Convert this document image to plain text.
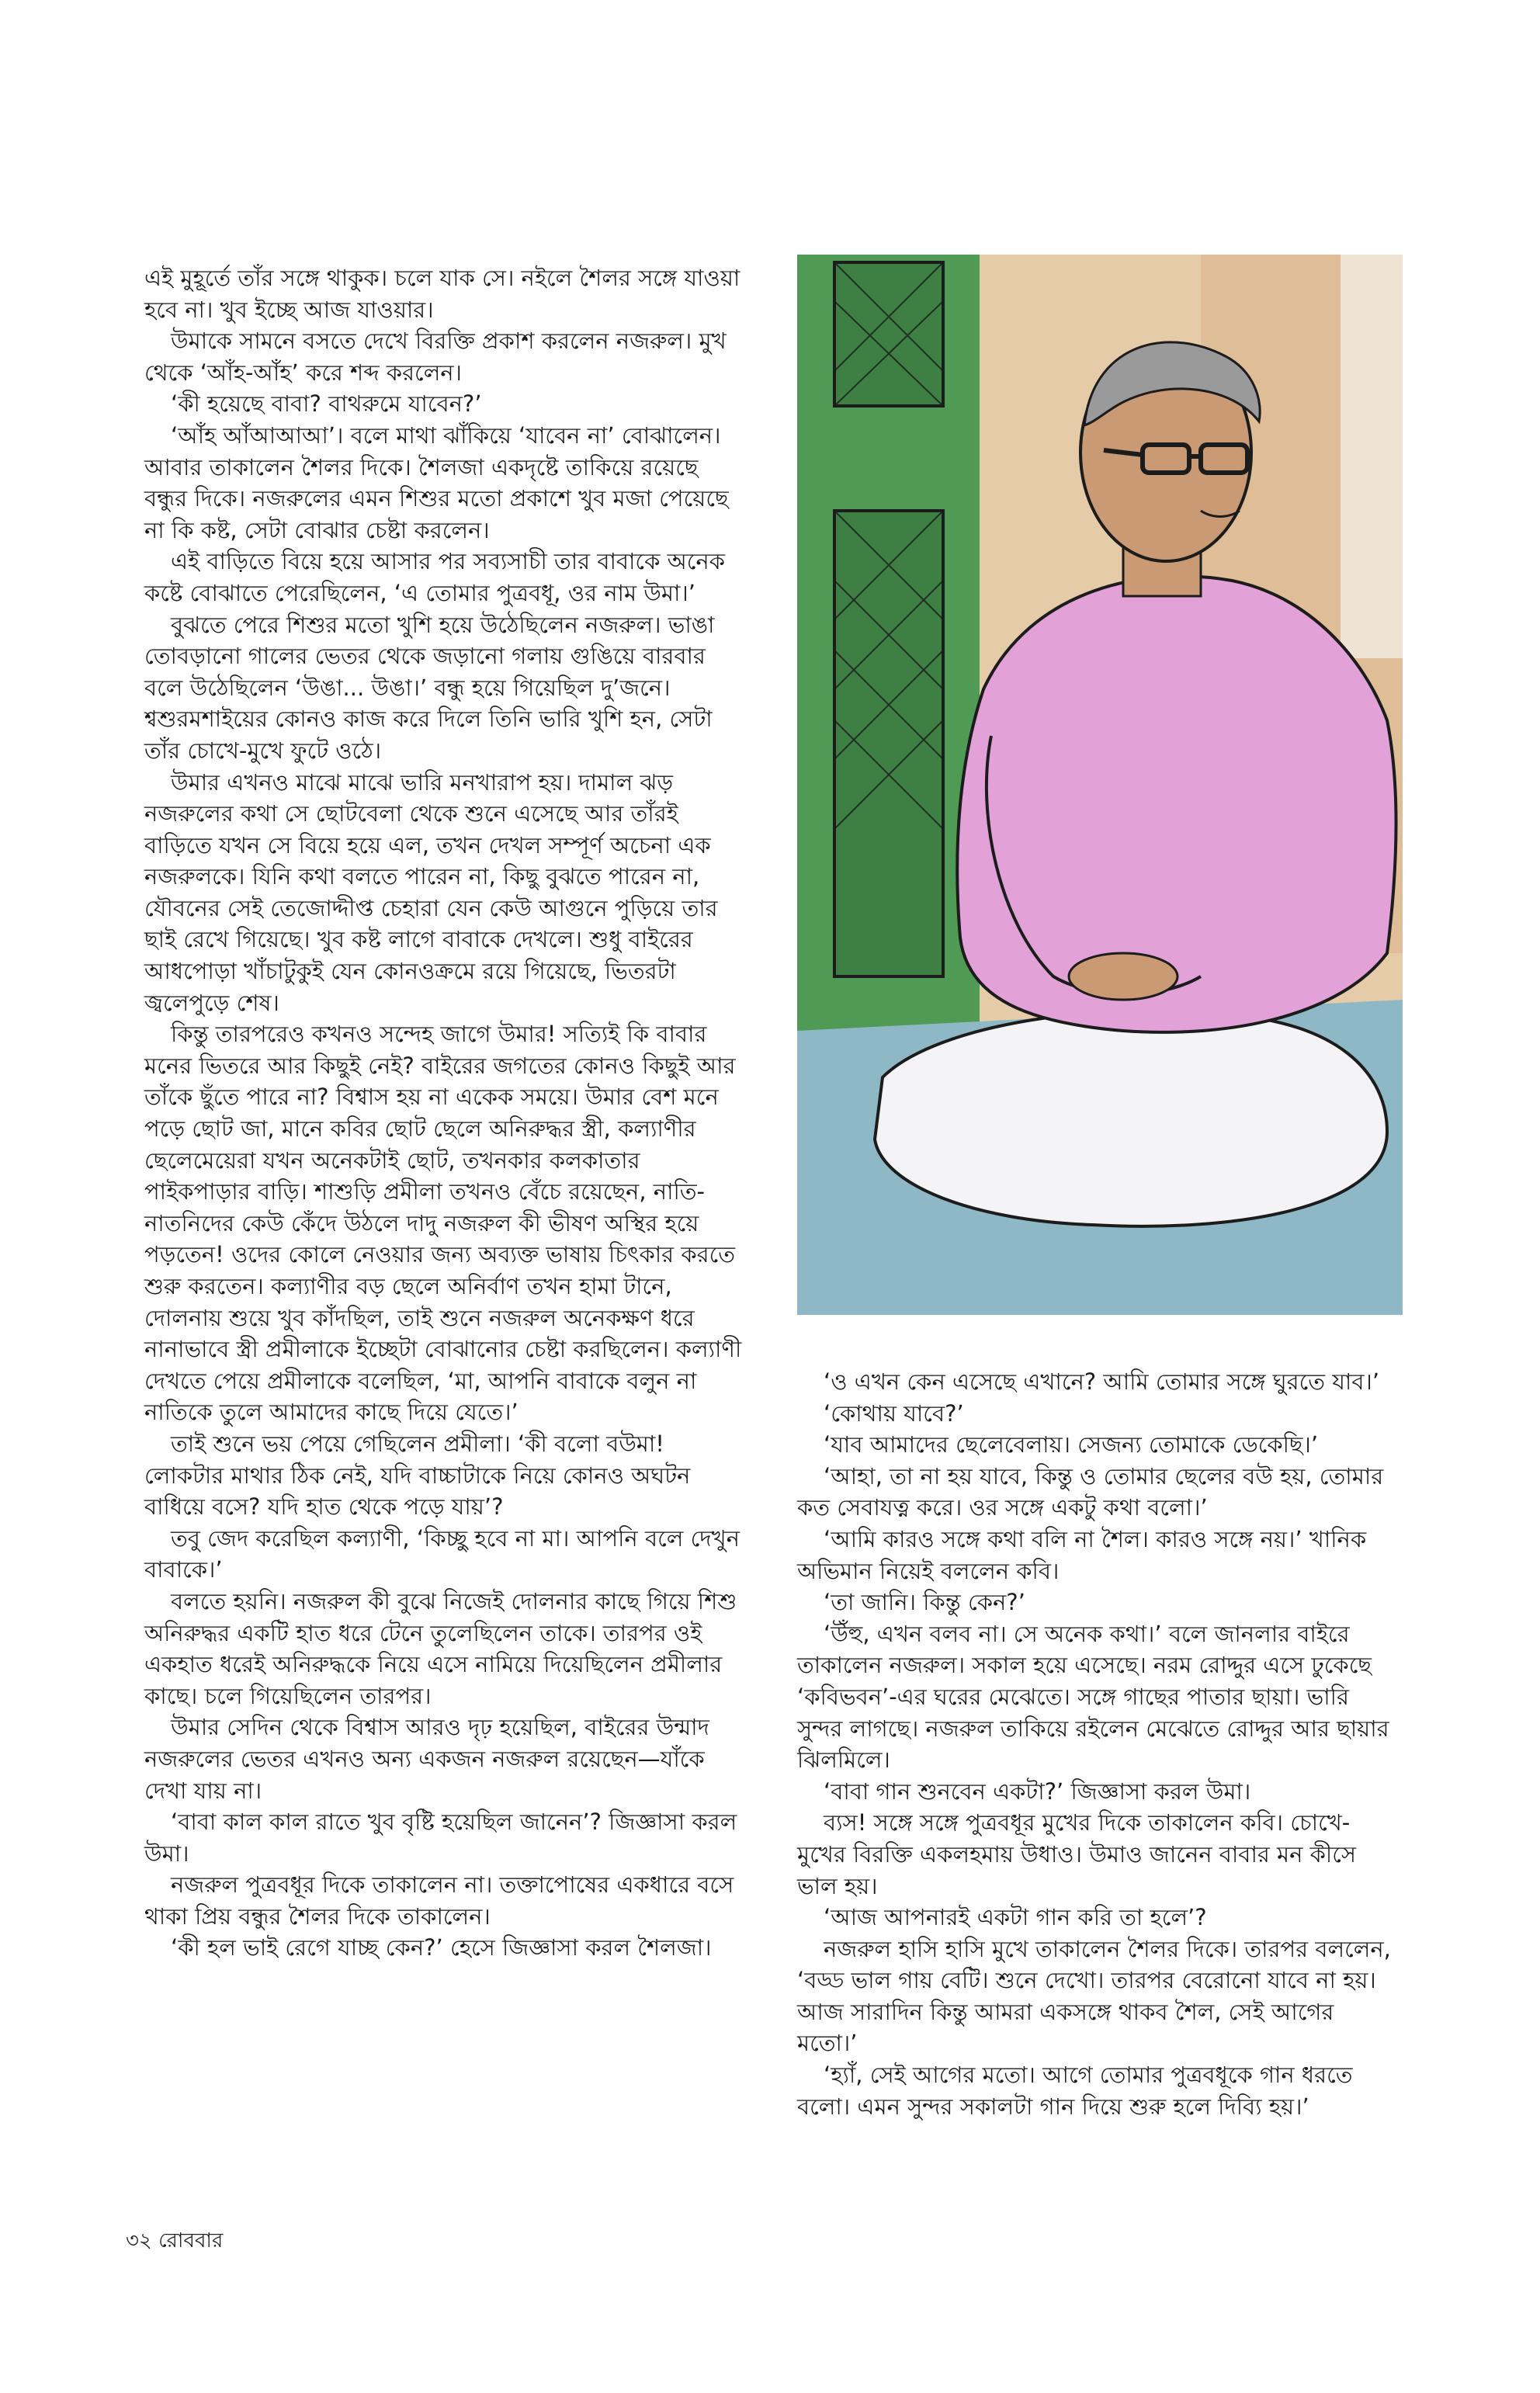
এই মুহূর্তে তাঁর সঙ্গে থাকুক। চলে যাক সে। নইলে শৈলর সঙ্গে যাওয়া হবে না। খুব ইচ্ছে আজ যাওয়ার।

উমাকে সামনে বসতে দেখে বিরক্তি প্রকাশ করলেন নজরুল। মুখ থেকে ‘আঁহ-আঁহ’ করে শব্দ করলেন।

‘কী হয়েছে বাবা? বাথরুমে যাবেন?’

‘আঁহ আঁআআআ’। বলে মাথা ঝাঁকিয়ে ‘যাবেন না’ বোঝালেন। আবার তাকালেন শৈলর দিকে। শৈলজা একদৃষ্টে তাকিয়ে রয়েছে বন্ধুর দিকে। নজরুলের এমন শিশুর মতো প্রকাশে খুব মজা পেয়েছে না কি কষ্ট, সেটা বোঝার চেষ্টা করলেন।

এই বাড়িতে বিয়ে হয়ে আসার পর সব্যসাচী তার বাবাকে অনেক কষ্টে বোঝাতে পেরেছিলেন, ‘এ তোমার পুত্রবধূ, ওর নাম উমা।’

বুঝতে পেরে শিশুর মতো খুশি হয়ে উঠেছিলেন নজরুল। ভাঙা তোবড়ানো গালের ভেতর থেকে জড়ানো গলায় গুঙিয়ে বারবার বলে উঠেছিলেন ‘উঙা... উঙা।’ বন্ধু হয়ে গিয়েছিল দু’জনে। শ্বশুরমশাইয়ের কোনও কাজ করে দিলে তিনি ভারি খুশি হন, সেটা তাঁর চোখে-মুখে ফুটে ওঠে।

উমার এখনও মাঝে মাঝে ভারি মনখারাপ হয়। দামাল ঝড় নজরুলের কথা সে ছোটবেলা থেকে শুনে এসেছে আর তাঁরই বাড়িতে যখন সে বিয়ে হয়ে এল, তখন দেখল সম্পূর্ণ অচেনা এক নজরুলকে। যিনি কথা বলতে পারেন না, কিছু বুঝতে পারেন না, যৌবনের সেই তেজোদ্দীপ্ত চেহারা যেন কেউ আগুনে পুড়িয়ে তার ছাই রেখে গিয়েছে। খুব কষ্ট লাগে বাবাকে দেখলে। শুধু বাইরের আধপোড়া খাঁচাটুকুই যেন কোনওক্রমে রয়ে গিয়েছে, ভিতরটা জ্বলেপুড়ে শেষ।

কিন্তু তারপরেও কখনও সন্দেহ জাগে উমার! সত্যিই কি বাবার মনের ভিতরে আর কিছুই নেই? বাইরের জগতের কোনও কিছুই আর তাঁকে ছুঁতে পারে না? বিশ্বাস হয় না একেক সময়ে। উমার বেশ মনে পড়ে ছোট জা, মানে কবির ছোট ছেলে অনিরুদ্ধর স্ত্রী, কল্যাণীর ছেলেমেয়েরা যখন অনেকটাই ছোট, তখনকার কলকাতার পাইকপাড়ার বাড়ি। শাশুড়ি প্রমীলা তখনও বেঁচে রয়েছেন, নাতি-নাতনিদের কেউ কেঁদে উঠলে দাদু নজরুল কী ভীষণ অস্থির হয়ে পড়তেন! ওদের কোলে নেওয়ার জন্য অব্যক্ত ভাষায় চিৎকার করতে শুরু করতেন। কল্যাণীর বড় ছেলে অনির্বাণ তখন হামা টানে, দোলনায় শুয়ে খুব কাঁদছিল, তাই শুনে নজরুল অনেকক্ষণ ধরে নানাভাবে স্ত্রী প্রমীলাকে ইচ্ছেটা বোঝানোর চেষ্টা করছিলেন। কল্যাণী দেখতে পেয়ে প্রমীলাকে বলেছিল, ‘মা, আপনি বাবাকে বলুন না নাতিকে তুলে আমাদের কাছে দিয়ে যেতে।’

তাই শুনে ভয় পেয়ে গেছিলেন প্রমীলা। ‘কী বলো বউমা! লোকটার মাথার ঠিক নেই, যদি বাচ্চাটাকে নিয়ে কোনও অঘটন বাধিয়ে বসে? যদি হাত থেকে পড়ে যায়’?

তবু জেদ করেছিল কল্যাণী, ‘কিচ্ছু হবে না মা। আপনি বলে দেখুন বাবাকে।’

বলতে হয়নি। নজরুল কী বুঝে নিজেই দোলনার কাছে গিয়ে শিশু অনিরুদ্ধর একটি হাত ধরে টেনে তুলেছিলেন তাকে। তারপর ওই একহাত ধরেই অনিরুদ্ধকে নিয়ে এসে নামিয়ে দিয়েছিলেন প্রমীলার কাছে। চলে গিয়েছিলেন তারপর।

উমার সেদিন থেকে বিশ্বাস আরও দৃঢ় হয়েছিল, বাইরের উন্মাদ নজরুলের ভেতর এখনও অন্য একজন নজরুল রয়েছেন—যাঁকে দেখা যায় না।

‘বাবা কাল কাল রাতে খুব বৃষ্টি হয়েছিল জানেন’? জিজ্ঞাসা করল উমা।

নজরুল পুত্রবধূর দিকে তাকালেন না। তক্তাপোষের একধারে বসে থাকা প্রিয় বন্ধুর শৈলর দিকে তাকালেন।

‘কী হল ভাই রেগে যাচ্ছ কেন?’ হেসে জিজ্ঞাসা করল শৈলজা।

‘ও এখন কেন এসেছে এখানে? আমি তোমার সঙ্গে ঘুরতে যাব।’

‘কোথায় যাবে?’

‘যাব আমাদের ছেলেবেলায়। সেজন্য তোমাকে ডেকেছি।’

‘আহা, তা না হয় যাবে, কিন্তু ও তোমার ছেলের বউ হয়, তোমার কত সেবাযত্ন করে। ওর সঙ্গে একটু কথা বলো।’

‘আমি কারও সঙ্গে কথা বলি না শৈল। কারও সঙ্গে নয়।’ খানিক অভিমান নিয়েই বললেন কবি।

‘তা জানি। কিন্তু কেন?’

‘উঁহু, এখন বলব না। সে অনেক কথা।’ বলে জানলার বাইরে তাকালেন নজরুল। সকাল হয়ে এসেছে। নরম রোদ্দুর এসে ঢুকেছে ‘কবিভবন’-এর ঘরের মেঝেতে। সঙ্গে গাছের পাতার ছায়া। ভারি সুন্দর লাগছে। নজরুল তাকিয়ে রইলেন মেঝেতে রোদ্দুর আর ছায়ার ঝিলমিলে।

‘বাবা গান শুনবেন একটা?’ জিজ্ঞাসা করল উমা।

ব্যস! সঙ্গে সঙ্গে পুত্রবধূর মুখের দিকে তাকালেন কবি। চোখে-মুখের বিরক্তি একলহমায় উধাও। উমাও জানেন বাবার মন কীসে ভাল হয়।

‘আজ আপনারই একটা গান করি তা হলে’?

নজরুল হাসি হাসি মুখে তাকালেন শৈলর দিকে। তারপর বললেন, ‘বড্ড ভাল গায় বেটি। শুনে দেখো। তারপর বেরোনো যাবে না হয়। আজ সারাদিন কিন্তু আমরা একসঙ্গে থাকব শৈল, সেই আগের মতো।’

‘হ্যাঁ, সেই আগের মতো। আগে তোমার পুত্রবধূকে গান ধরতে বলো। এমন সুন্দর সকালটা গান দিয়ে শুরু হলে দিব্যি হয়।’

৩২ রোববার
